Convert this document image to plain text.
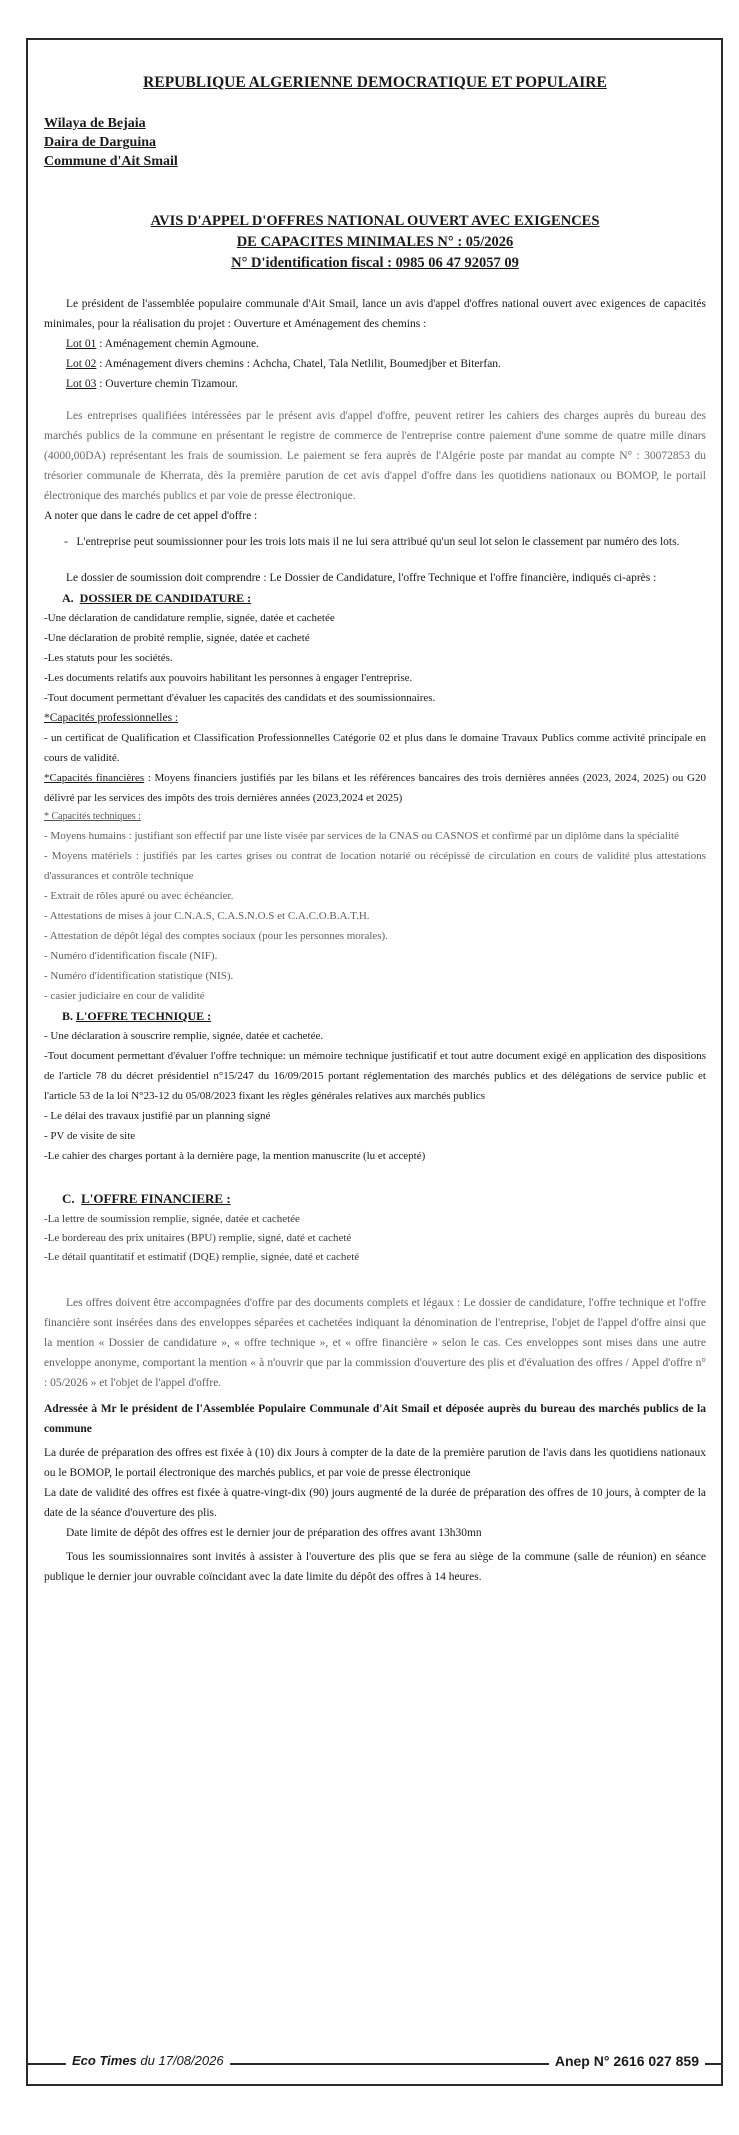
REPUBLIQUE ALGERIENNE DEMOCRATIQUE ET POPULAIRE
Wilaya de Bejaia
Daira de Darguina
Commune d'Ait Smail
AVIS D'APPEL D'OFFRES NATIONAL OUVERT AVEC EXIGENCES
DE CAPACITES MINIMALES N° : 05/2026
N° D'identification fiscal : 0985 06 47 92057 09
Le président de l'assemblée populaire communale d'Ait Smail, lance un avis d'appel d'offres national ouvert avec exigences de capacités minimales, pour la réalisation du projet : Ouverture et Aménagement des chemins :
Lot 01 : Aménagement chemin Agmoune.
Lot 02 : Aménagement divers chemins : Achcha, Chatel, Tala Netlilit, Boumedjber et Biterfan.
Lot 03 : Ouverture chemin Tizamour.
Les entreprises qualifiées intéressées par le présent avis d'appel d'offre, peuvent retirer les cahiers des charges auprès du bureau des marchés publics de la commune en présentant le registre de commerce de l'entreprise contre paiement d'une somme de quatre mille dinars (4000,00DA) représentant les frais de soumission. Le paiement se fera auprès de l'Algérie poste par mandat au compte N° : 30072853 du trésorier communale de Kherrata, dès la première parution de cet avis d'appel d'offre dans les quotidiens nationaux ou BOMOP, le portail électronique des marchés publics et par voie de presse électronique.
A noter que dans le cadre de cet appel d'offre :
-   L'entreprise peut soumissionner pour les trois lots mais il ne lui sera attribué qu'un seul lot selon le classement par numéro des lots.
Le dossier de soumission doit comprendre : Le Dossier de Candidature, l'offre Technique et l'offre financière, indiqués ci-après :
A. DOSSIER DE CANDIDATURE :
-Une déclaration de candidature remplie, signée, datée et cachetée
-Une déclaration de probité remplie, signée, datée et cacheté
-Les statuts pour les sociétés.
-Les documents relatifs aux pouvoirs habilitant les personnes à engager l'entreprise.
-Tout document permettant d'évaluer les capacités des candidats et des soumissionnaires.
*Capacités professionnelles :
- un certificat de Qualification et Classification Professionnelles Catégorie 02 et plus dans le domaine Travaux Publics comme activité principale en cours de validité.
*Capacités financières : Moyens financiers justifiés par les bilans et les références bancaires des trois dernières années (2023, 2024, 2025) ou G20 délivré par les services des impôts des trois dernières années (2023,2024 et 2025)
* Capacités techniques :
- Moyens humains : justifiant son effectif par une liste visée par services de la CNAS ou CASNOS et confirmé par un diplôme dans la spécialité
- Moyens matériels : justifiés par les cartes grises ou contrat de location notarié ou récépissé de circulation en cours de validité plus attestations d'assurances et contrôle technique
- Extrait de rôles apuré ou avec échéancier.
- Attestations de mises à jour C.N.A.S, C.A.S.N.O.S et C.A.C.O.B.A.T.H.
- Attestation de dépôt légal des comptes sociaux (pour les personnes morales).
- Numéro d'identification fiscale (NIF).
- Numéro d'identification statistique (NIS).
- casier judiciaire en cour de validité
B. L'OFFRE TECHNIQUE :
- Une déclaration à souscrire remplie, signée, datée et cachetée.
-Tout document permettant d'évaluer l'offre technique: un mémoire technique justificatif et tout autre document exigé en application des dispositions de l'article 78 du décret présidentiel n°15/247 du 16/09/2015 portant réglementation des marchés publics et des délégations de service public et l'article 53 de la loi N°23-12 du 05/08/2023 fixant les règles générales relatives aux marchés publics
- Le délai des travaux justifié par un planning signé
- PV de visite de site
-Le cahier des charges portant à la dernière page, la mention manuscrite (lu et accepté)
C. L'OFFRE FINANCIERE :
-La lettre de soumission remplie, signée, datée et cachetée
-Le bordereau des prix unitaires (BPU) remplie, signé, daté et cacheté
-Le détail quantitatif et estimatif (DQE) remplie, signée, daté et cacheté
Les offres doivent être accompagnées d'offre par des documents complets et légaux : Le dossier de candidature, l'offre technique et l'offre financière sont insérées dans des enveloppes séparées et cachetées indiquant la dénomination de l'entreprise, l'objet de l'appel d'offre ainsi que la mention « Dossier de candidature », « offre technique », et « offre financière » selon le cas. Ces enveloppes sont mises dans une autre enveloppe anonyme, comportant la mention « à n'ouvrir que par la commission d'ouverture des plis et d'évaluation des offres / Appel d'offre n° : 05/2026 » et l'objet de l'appel d'offre.
Adressée à Mr le président de l'Assemblée Populaire Communale d'Ait Smail et déposée auprès du bureau des marchés publics de la commune
La durée de préparation des offres est fixée à (10) dix Jours à compter de la date de la première parution de l'avis dans les quotidiens nationaux ou le BOMOP, le portail électronique des marchés publics, et par voie de presse électronique
La date de validité des offres est fixée à quatre-vingt-dix (90) jours augmenté de la durée de préparation des offres de 10 jours, à compter de la date de la séance d'ouverture des plis.
Date limite de dépôt des offres est le dernier jour de préparation des offres avant 13h30mn
Tous les soumissionnaires sont invités à assister à l'ouverture des plis que se fera au siège de la commune (salle de réunion) en séance publique le dernier jour ouvrable coïncidant avec la date limite du dépôt des offres à 14 heures.
Eco Times du 17/08/2026	Anep N° 2616 027 859
